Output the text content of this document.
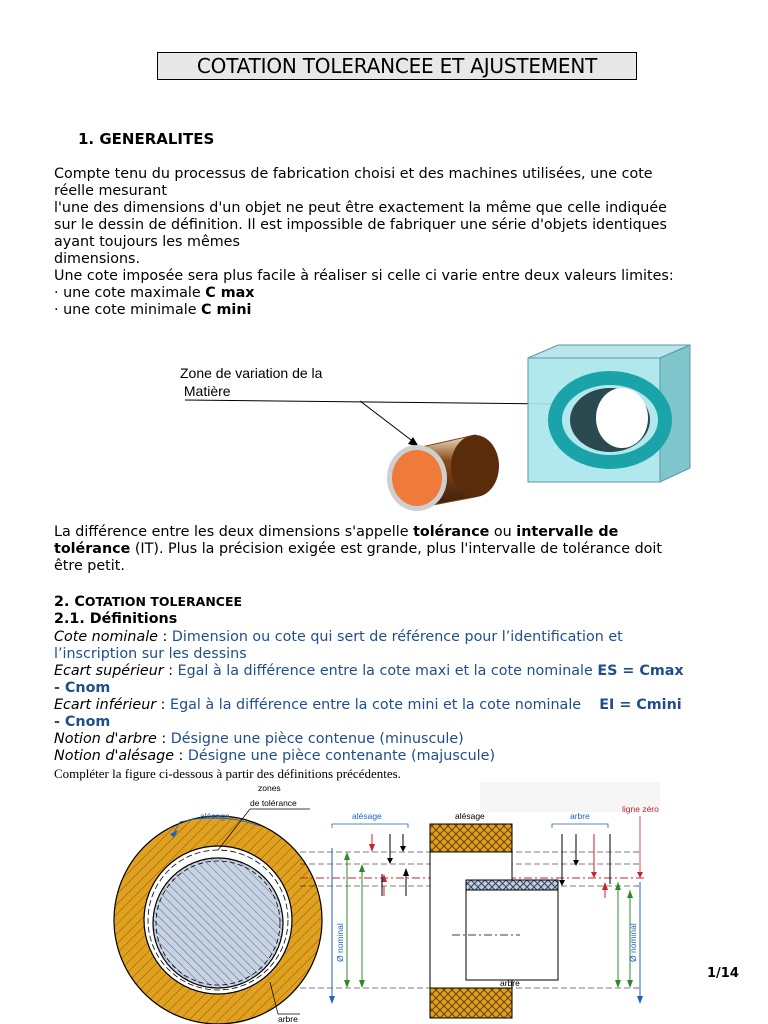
COTATION TOLERANCEE ET AJUSTEMENT
1. GENERALITES
Compte tenu du processus de fabrication choisi et des machines utilisées, une cote
réelle mesurant
l'une des dimensions d'un objet ne peut être exactement la même que celle indiquée
sur le dessin de définition. Il est impossible de fabriquer une série d'objets identiques
ayant toujours les mêmes
dimensions.
Une cote imposée sera plus facile à réaliser si celle ci varie entre deux valeurs limites:
· une cote maximale C max
· une cote minimale C mini
Zone de variation de la
Matière
La différence entre les deux dimensions s'appelle tolérance ou intervalle de
tolérance (IT). Plus la précision exigée est grande, plus l'intervalle de tolérance doit
être petit.
2. COTATION TOLERANCEE
2.1. Définitions
Cote nominale : Dimension ou cote qui sert de référence pour l’identification et
l’inscription sur les dessins
Ecart supérieur : Egal à la différence entre la cote maxi et la cote nominale ES = Cmax
- Cnom
Ecart inférieur : Egal à la différence entre la cote mini et la cote nominale    EI = Cmini
- Cnom
Notion d'arbre : Désigne une pièce contenue (minuscule)
Notion d'alésage : Désigne une pièce contenante (majuscule)
Compléter la figure ci-dessous à partir des définitions précédentes.
zones
de tolérance
alésage
arbre
alésage
Ø nominal
alésage
arbre
arbre
ligne zéro
Ø nominal
1/14
